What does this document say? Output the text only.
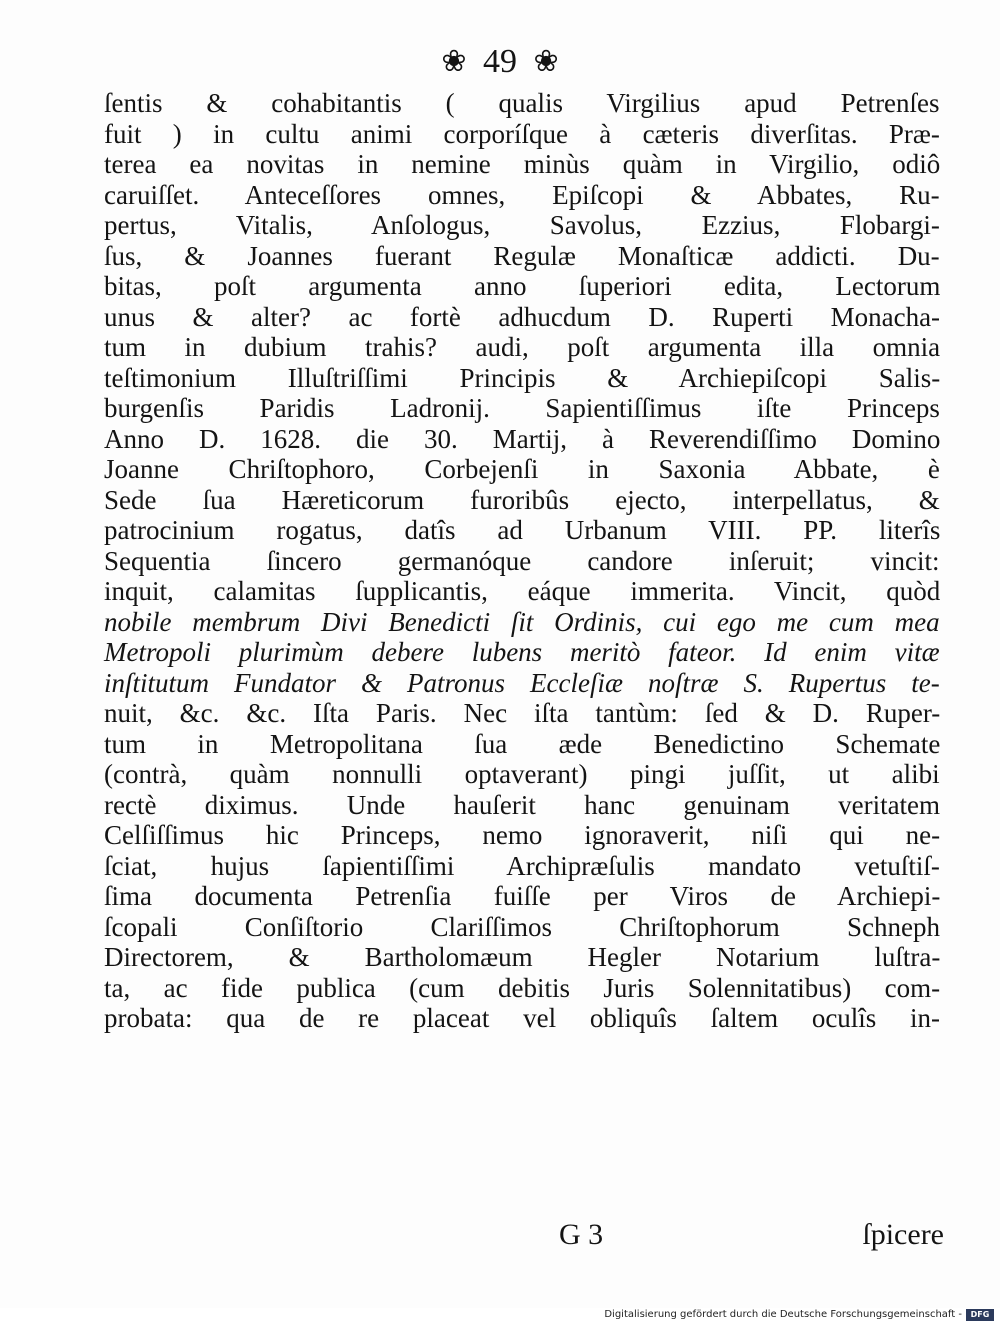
❀ 49 ❀
ſentis & cohabitantis ( qualis Virgilius apud Petrenſes
fuit ) in cultu animi corporíſque à cæteris diverſitas. Præ-
terea ea novitas in nemine minùs quàm in Virgilio, odiô
caruiſſet. Anteceſſores omnes, Epiſcopi & Abbates, Ru-
pertus, Vitalis, Anſologus, Savolus, Ezzius, Flobargi-
ſus, & Joannes fuerant Regulæ Monaſticæ addicti. Du-
bitas, poſt argumenta anno ſuperiori edita, Lectorum
unus & alter? ac fortè adhucdum D. Ruperti Monacha-
tum in dubium trahis? audi, poſt argumenta illa omnia
teſtimonium Illuſtriſſimi Principis & Archiepiſcopi Salis-
burgenſis Paridis Ladronij. Sapientiſſimus iſte Princeps
Anno D. 1628. die 30. Martij, à Reverendiſſimo Domino
Joanne Chriſtophoro, Corbejenſi in Saxonia Abbate, è
Sede ſua Hæreticorum furoribûs ejecto, interpellatus, &
patrocinium rogatus, datîs ad Urbanum VIII. PP. literîs
Sequentia ſincero germanóque candore inſeruit; vincit:
inquit, calamitas ſupplicantis, eáque immerita. Vincit, quòd
nobile membrum Divi Benedicti ſit Ordinis, cui ego me cum mea
Metropoli plurimùm debere lubens meritò fateor. Id enim vitæ
inſtitutum Fundator & Patronus Eccleſiæ noſtræ S. Rupertus te-
nuit, &c. &c. Iſta Paris. Nec iſta tantùm: ſed & D. Ruper-
tum in Metropolitana ſua æde Benedictino Schemate
(contrà, quàm nonnulli optaverant) pingi juſſit, ut alibi
rectè diximus. Unde hauſerit hanc genuinam veritatem
Celſiſſimus hic Princeps, nemo ignoraverit, niſi qui ne-
ſciat, hujus ſapientiſſimi Archipræſulis mandato vetuſtiſ-
ſima documenta Petrenſia fuiſſe per Viros de Archiepi-
ſcopali Conſiſtorio Clariſſimos Chriſtophorum Schneph
Directorem, & Bartholomæum Hegler Notarium luſtra-
ta, ac fide publica (cum debitis Juris Solennitatibus) com-
probata: qua de re placeat vel obliquîs ſaltem oculîs in-
G 3	ſpicere
Digitalisierung gefördert durch die Deutsche Forschungsgemeinschaft -	DFG
